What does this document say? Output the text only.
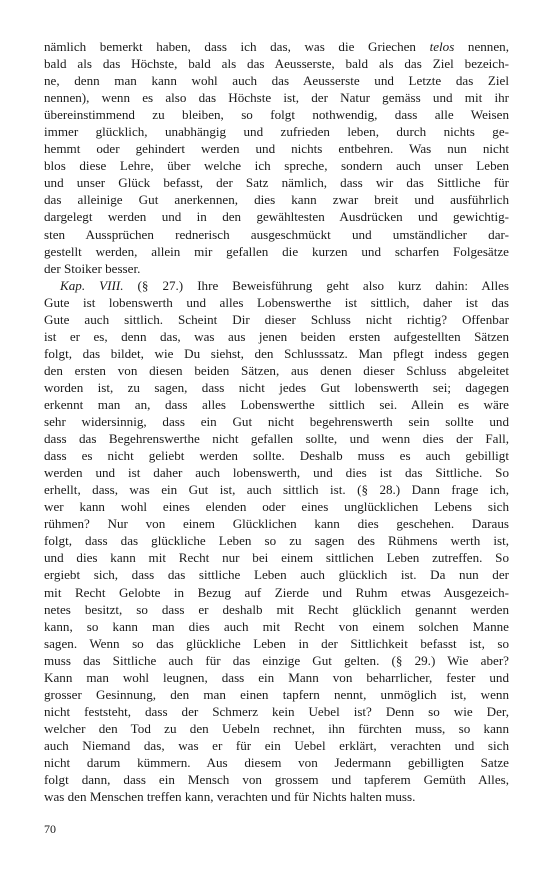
nämlich bemerkt haben, dass ich das, was die Griechen telos nennen,
bald als das Höchste, bald als das Aeusserste, bald als das Ziel bezeich-
ne, denn man kann wohl auch das Aeusserste und Letzte das Ziel
nennen), wenn es also das Höchste ist, der Natur gemäss und mit ihr
übereinstimmend zu bleiben, so folgt nothwendig, dass alle Weisen
immer glücklich, unabhängig und zufrieden leben, durch nichts ge-
hemmt oder gehindert werden und nichts entbehren. Was nun nicht
blos diese Lehre, über welche ich spreche, sondern auch unser Leben
und unser Glück befasst, der Satz nämlich, dass wir das Sittliche für
das alleinige Gut anerkennen, dies kann zwar breit und ausführlich
dargelegt werden und in den gewähltesten Ausdrücken und gewichtig-
sten Aussprüchen rednerisch ausgeschmückt und umständlicher dar-
gestellt werden, allein mir gefallen die kurzen und scharfen Folgesätze
der Stoiker besser.
Kap. VIII. (§ 27.) Ihre Beweisführung geht also kurz dahin: Alles
Gute ist lobenswerth und alles Lobenswerthe ist sittlich, daher ist das
Gute auch sittlich. Scheint Dir dieser Schluss nicht richtig? Offenbar
ist er es, denn das, was aus jenen beiden ersten aufgestellten Sätzen
folgt, das bildet, wie Du siehst, den Schlusssatz. Man pflegt indess gegen
den ersten von diesen beiden Sätzen, aus denen dieser Schluss abgeleitet
worden ist, zu sagen, dass nicht jedes Gut lobenswerth sei; dagegen
erkennt man an, dass alles Lobenswerthe sittlich sei. Allein es wäre
sehr widersinnig, dass ein Gut nicht begehrenswerth sein sollte und
dass das Begehrenswerthe nicht gefallen sollte, und wenn dies der Fall,
dass es nicht geliebt werden sollte. Deshalb muss es auch gebilligt
werden und ist daher auch lobenswerth, und dies ist das Sittliche. So
erhellt, dass, was ein Gut ist, auch sittlich ist. (§ 28.) Dann frage ich,
wer kann wohl eines elenden oder eines unglücklichen Lebens sich
rühmen? Nur von einem Glücklichen kann dies geschehen. Daraus
folgt, dass das glückliche Leben so zu sagen des Rühmens werth ist,
und dies kann mit Recht nur bei einem sittlichen Leben zutreffen. So
ergiebt sich, dass das sittliche Leben auch glücklich ist. Da nun der
mit Recht Gelobte in Bezug auf Zierde und Ruhm etwas Ausgezeich-
netes besitzt, so dass er deshalb mit Recht glücklich genannt werden
kann, so kann man dies auch mit Recht von einem solchen Manne
sagen. Wenn so das glückliche Leben in der Sittlichkeit befasst ist, so
muss das Sittliche auch für das einzige Gut gelten. (§ 29.) Wie aber?
Kann man wohl leugnen, dass ein Mann von beharrlicher, fester und
grosser Gesinnung, den man einen tapfern nennt, unmöglich ist, wenn
nicht feststeht, dass der Schmerz kein Uebel ist? Denn so wie Der,
welcher den Tod zu den Uebeln rechnet, ihn fürchten muss, so kann
auch Niemand das, was er für ein Uebel erklärt, verachten und sich
nicht darum kümmern. Aus diesem von Jedermann gebilligten Satze
folgt dann, dass ein Mensch von grossem und tapferem Gemüth Alles,
was den Menschen treffen kann, verachten und für Nichts halten muss.
70
